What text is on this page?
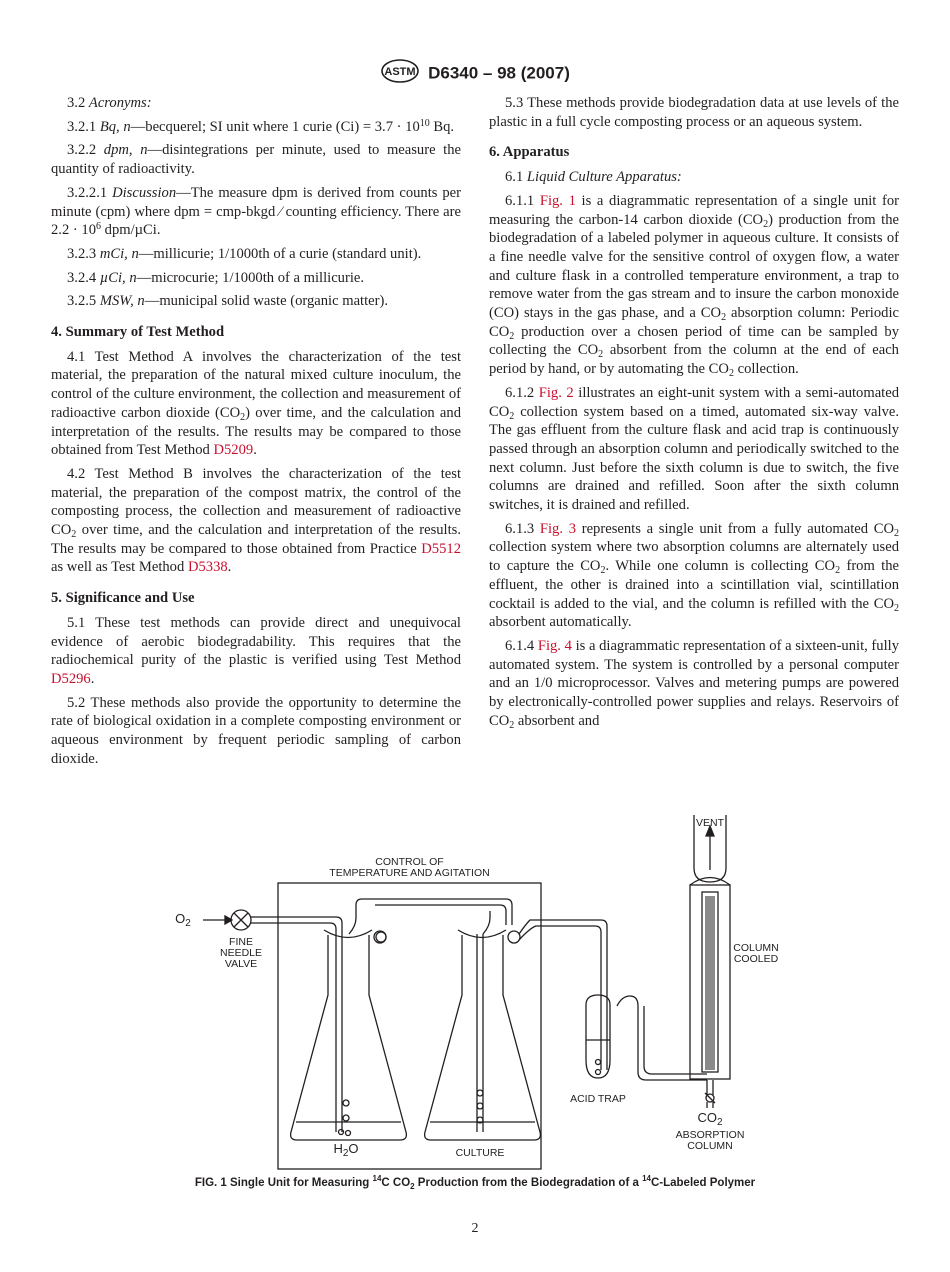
ASTM D6340 – 98 (2007)

3.2 Acronyms:

3.2.1 Bq, n—becquerel; SI unit where 1 curie $(Ci) = 3.7 \cdot 10^{10}$ Bq.

3.2.2 dpm, n—disintegrations per minute, used to measure the quantity of radioactivity.

3.2.2.1 Discussion—The measure dpm is derived from counts per minute (cpm) where dpm = cmp-bkgd ⁄ counting efficiency. There are $2.2 \cdot 10^6$ dpm/µCi.

3.2.3 mCi, n—millicurie; 1/1000th of a curie (standard unit).

3.2.4 µCi, n—microcurie; 1/1000th of a millicurie.

3.2.5 MSW, n—municipal solid waste (organic matter).

4. Summary of Test Method

4.1 Test Method A involves the characterization of the test material, the preparation of the natural mixed culture inoculum, the control of the culture environment, the collection and measurement of radioactive carbon dioxide $(CO_2)$ over time, and the calculation and interpretation of the results. The results may be compared to those obtained from Test Method D5209.

4.2 Test Method B involves the characterization of the test material, the preparation of the compost matrix, the control of the composting process, the collection and measurement of radioactive $CO_2$ over time, and the calculation and interpretation of the results. The results may be compared to those obtained from Practice D5512 as well as Test Method D5338.

5. Significance and Use

5.1 These test methods can provide direct and unequivocal evidence of aerobic biodegradability. This requires that the radiochemical purity of the plastic is verified using Test Method D5296.

5.2 These methods also provide the opportunity to determine the rate of biological oxidation in a complete composting environment or aqueous environment by frequent periodic sampling of carbon dioxide.

5.3 These methods provide biodegradation data at use levels of the plastic in a full cycle composting process or an aqueous system.

6. Apparatus

6.1 Liquid Culture Apparatus:

6.1.1 Fig. 1 is a diagrammatic representation of a single unit for measuring the carbon-14 carbon dioxide $(CO_2)$ production from the biodegradation of a labeled polymer in aqueous culture. It consists of a fine needle valve for the sensitive control of oxygen flow, a water and culture flask in a controlled temperature environment, a trap to remove water from the gas stream and to insure the carbon monoxide (CO) stays in the gas phase, and a $CO_2$ absorption column: Periodic $CO_2$ production over a chosen period of time can be sampled by collecting the $CO_2$ absorbent from the column at the end of each period by hand, or by automating the $CO_2$ collection.

6.1.2 Fig. 2 illustrates an eight-unit system with a semi-automated $CO_2$ collection system based on a timed, automated six-way valve. The gas effluent from the culture flask and acid trap is continuously passed through an absorption column and periodically switched to the next column. Just before the sixth column is due to switch, the five columns are drained and refilled. Soon after the sixth column switches, it is drained and refilled.

6.1.3 Fig. 3 represents a single unit from a fully automated $CO_2$ collection system where two absorption columns are alternately used to capture the $CO_2$. While one column is collecting $CO_2$ from the effluent, the other is drained into a scintillation vial, scintillation cocktail is added to the vial, and the column is refilled with the $CO_2$ absorbent automatically.

6.1.4 Fig. 4 is a diagrammatic representation of a sixteen-unit, fully automated system. The system is controlled by a personal computer and an 1/0 microprocessor. Valves and metering pumps are powered by electronically-controlled power supplies and relays. Reservoirs of $CO_2$ absorbent and

VENT
CONTROL OF
TEMPERATURE AND AGITATION
$O_2$
FINE
NEEDLE
VALVE
COLUMN
COOLED
ACID TRAP
$H_2O$	CULTURE
$CO_2$
ABSORPTION
COLUMN
FIG. 1 Single Unit for Measuring $^{14}$C $CO_2$ Production from the Biodegradation of a $^{14}$C-Labeled Polymer
2
